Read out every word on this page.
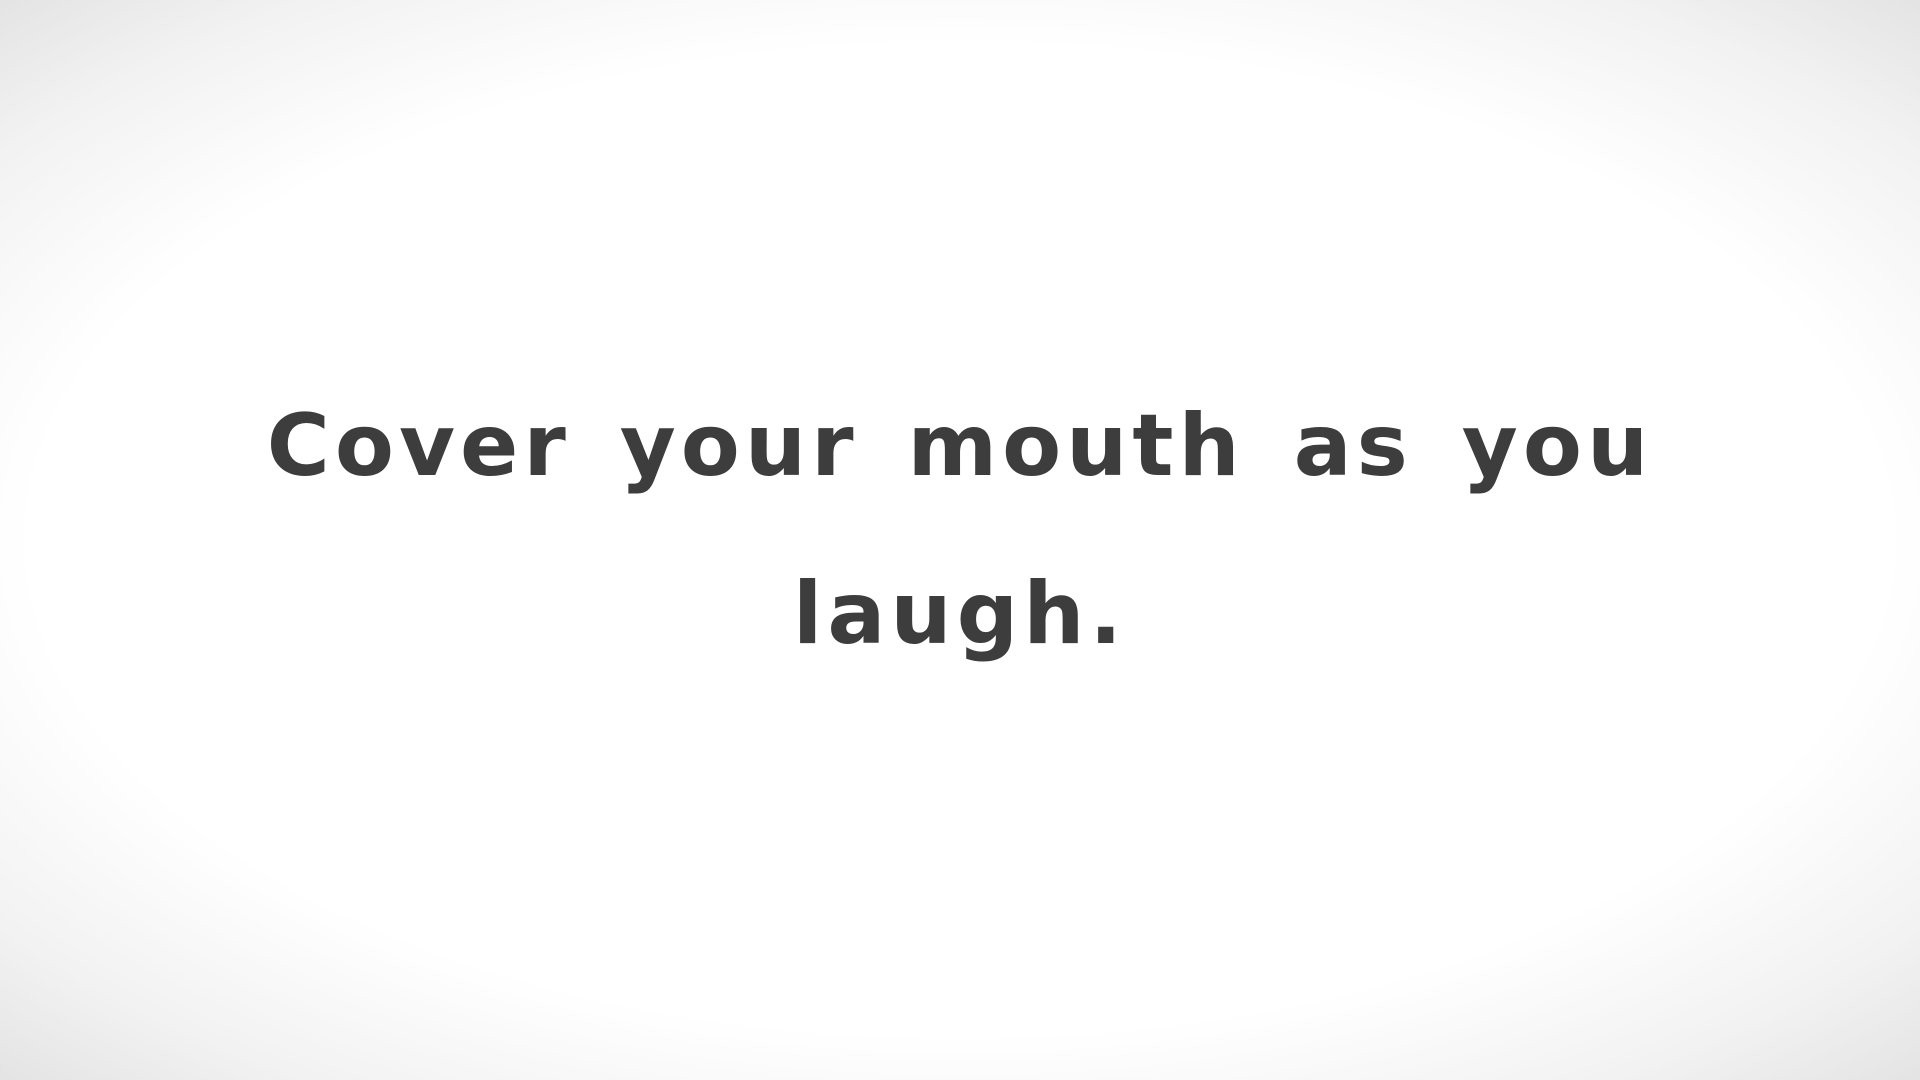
Cover your mouth as you laugh.
